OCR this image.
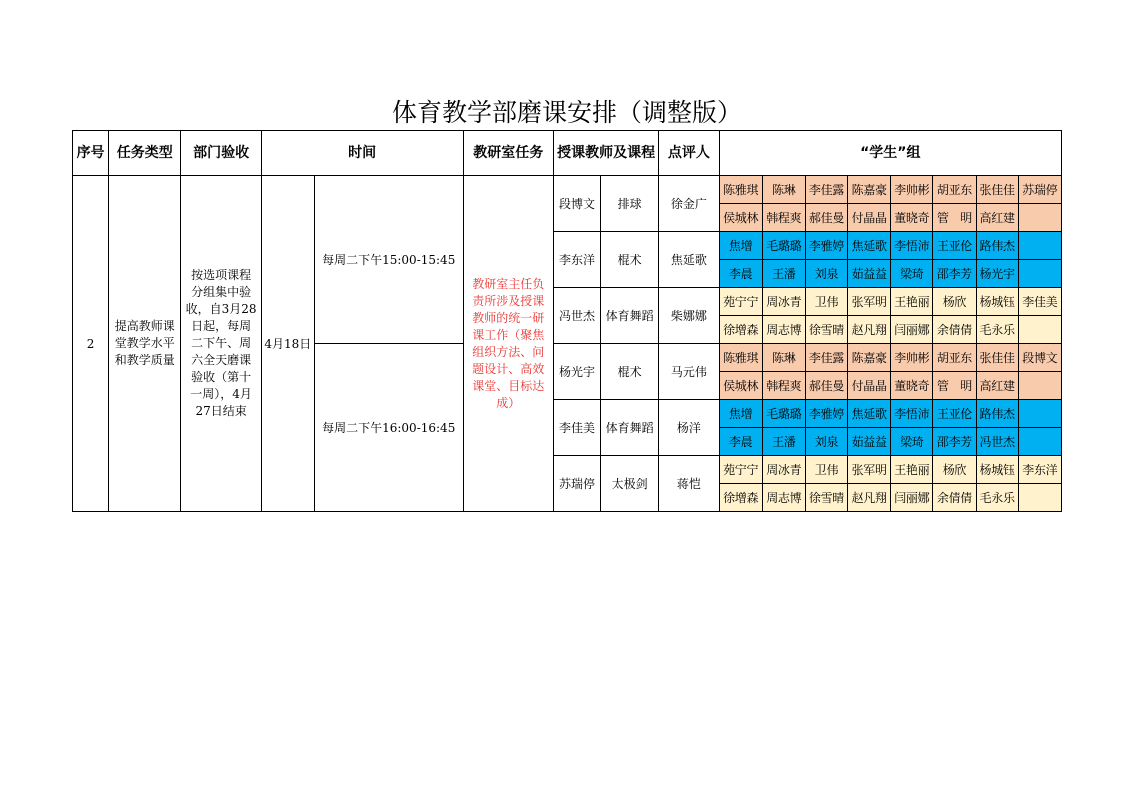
体育教学部磨课安排（调整版）
序号	任务类型	部门验收	时间		教研室任务	授课教师及课程		点评人	“学生”组							
2	提高教师课堂教学水平和教学质量	按选项课程分组集中验收，自3月28日起，每周二下午、周六全天磨课验收（第十一周），4月27日结束	4月18日	每周二下午15:00-15:45	教研室主任负责所涉及授课教师的统一研课工作（聚焦组织方法、问题设计、高效课堂、目标达成）	段博文	排球	徐金广	陈雅琪	陈琳	李佳露	陈嘉豪	李帅彬	胡亚东	张佳佳	苏瑞停
									侯城林	韩程爽	郝佳曼	付晶晶	董晓奇	管　明	高红建	
						李东洋	棍术	焦延歌	焦增	毛璐璐	李雅婷	焦延歌	李悟沛	王亚伦	路伟杰	
									李晨	王潘	刘泉	茹益益	梁琦	邵李芳	杨光宇	
						冯世杰	体育舞蹈	柴娜娜	苑宁宁	周冰青	卫伟	张军明	王艳丽	杨欣	杨城钰	李佳美
									徐增森	周志博	徐雪晴	赵凡翔	闫丽娜	余倩倩	毛永乐	
				每周二下午16:00-16:45		杨光宇	棍术	马元伟	陈雅琪	陈琳	李佳露	陈嘉豪	李帅彬	胡亚东	张佳佳	段博文
									侯城林	韩程爽	郝佳曼	付晶晶	董晓奇	管　明	高红建	
						李佳美	体育舞蹈	杨洋	焦增	毛璐璐	李雅婷	焦延歌	李悟沛	王亚伦	路伟杰	
									李晨	王潘	刘泉	茹益益	梁琦	邵李芳	冯世杰	
						苏瑞停	太极剑	蒋恺	苑宁宁	周冰青	卫伟	张军明	王艳丽	杨欣	杨城钰	李东洋
									徐增森	周志博	徐雪晴	赵凡翔	闫丽娜	余倩倩	毛永乐	
